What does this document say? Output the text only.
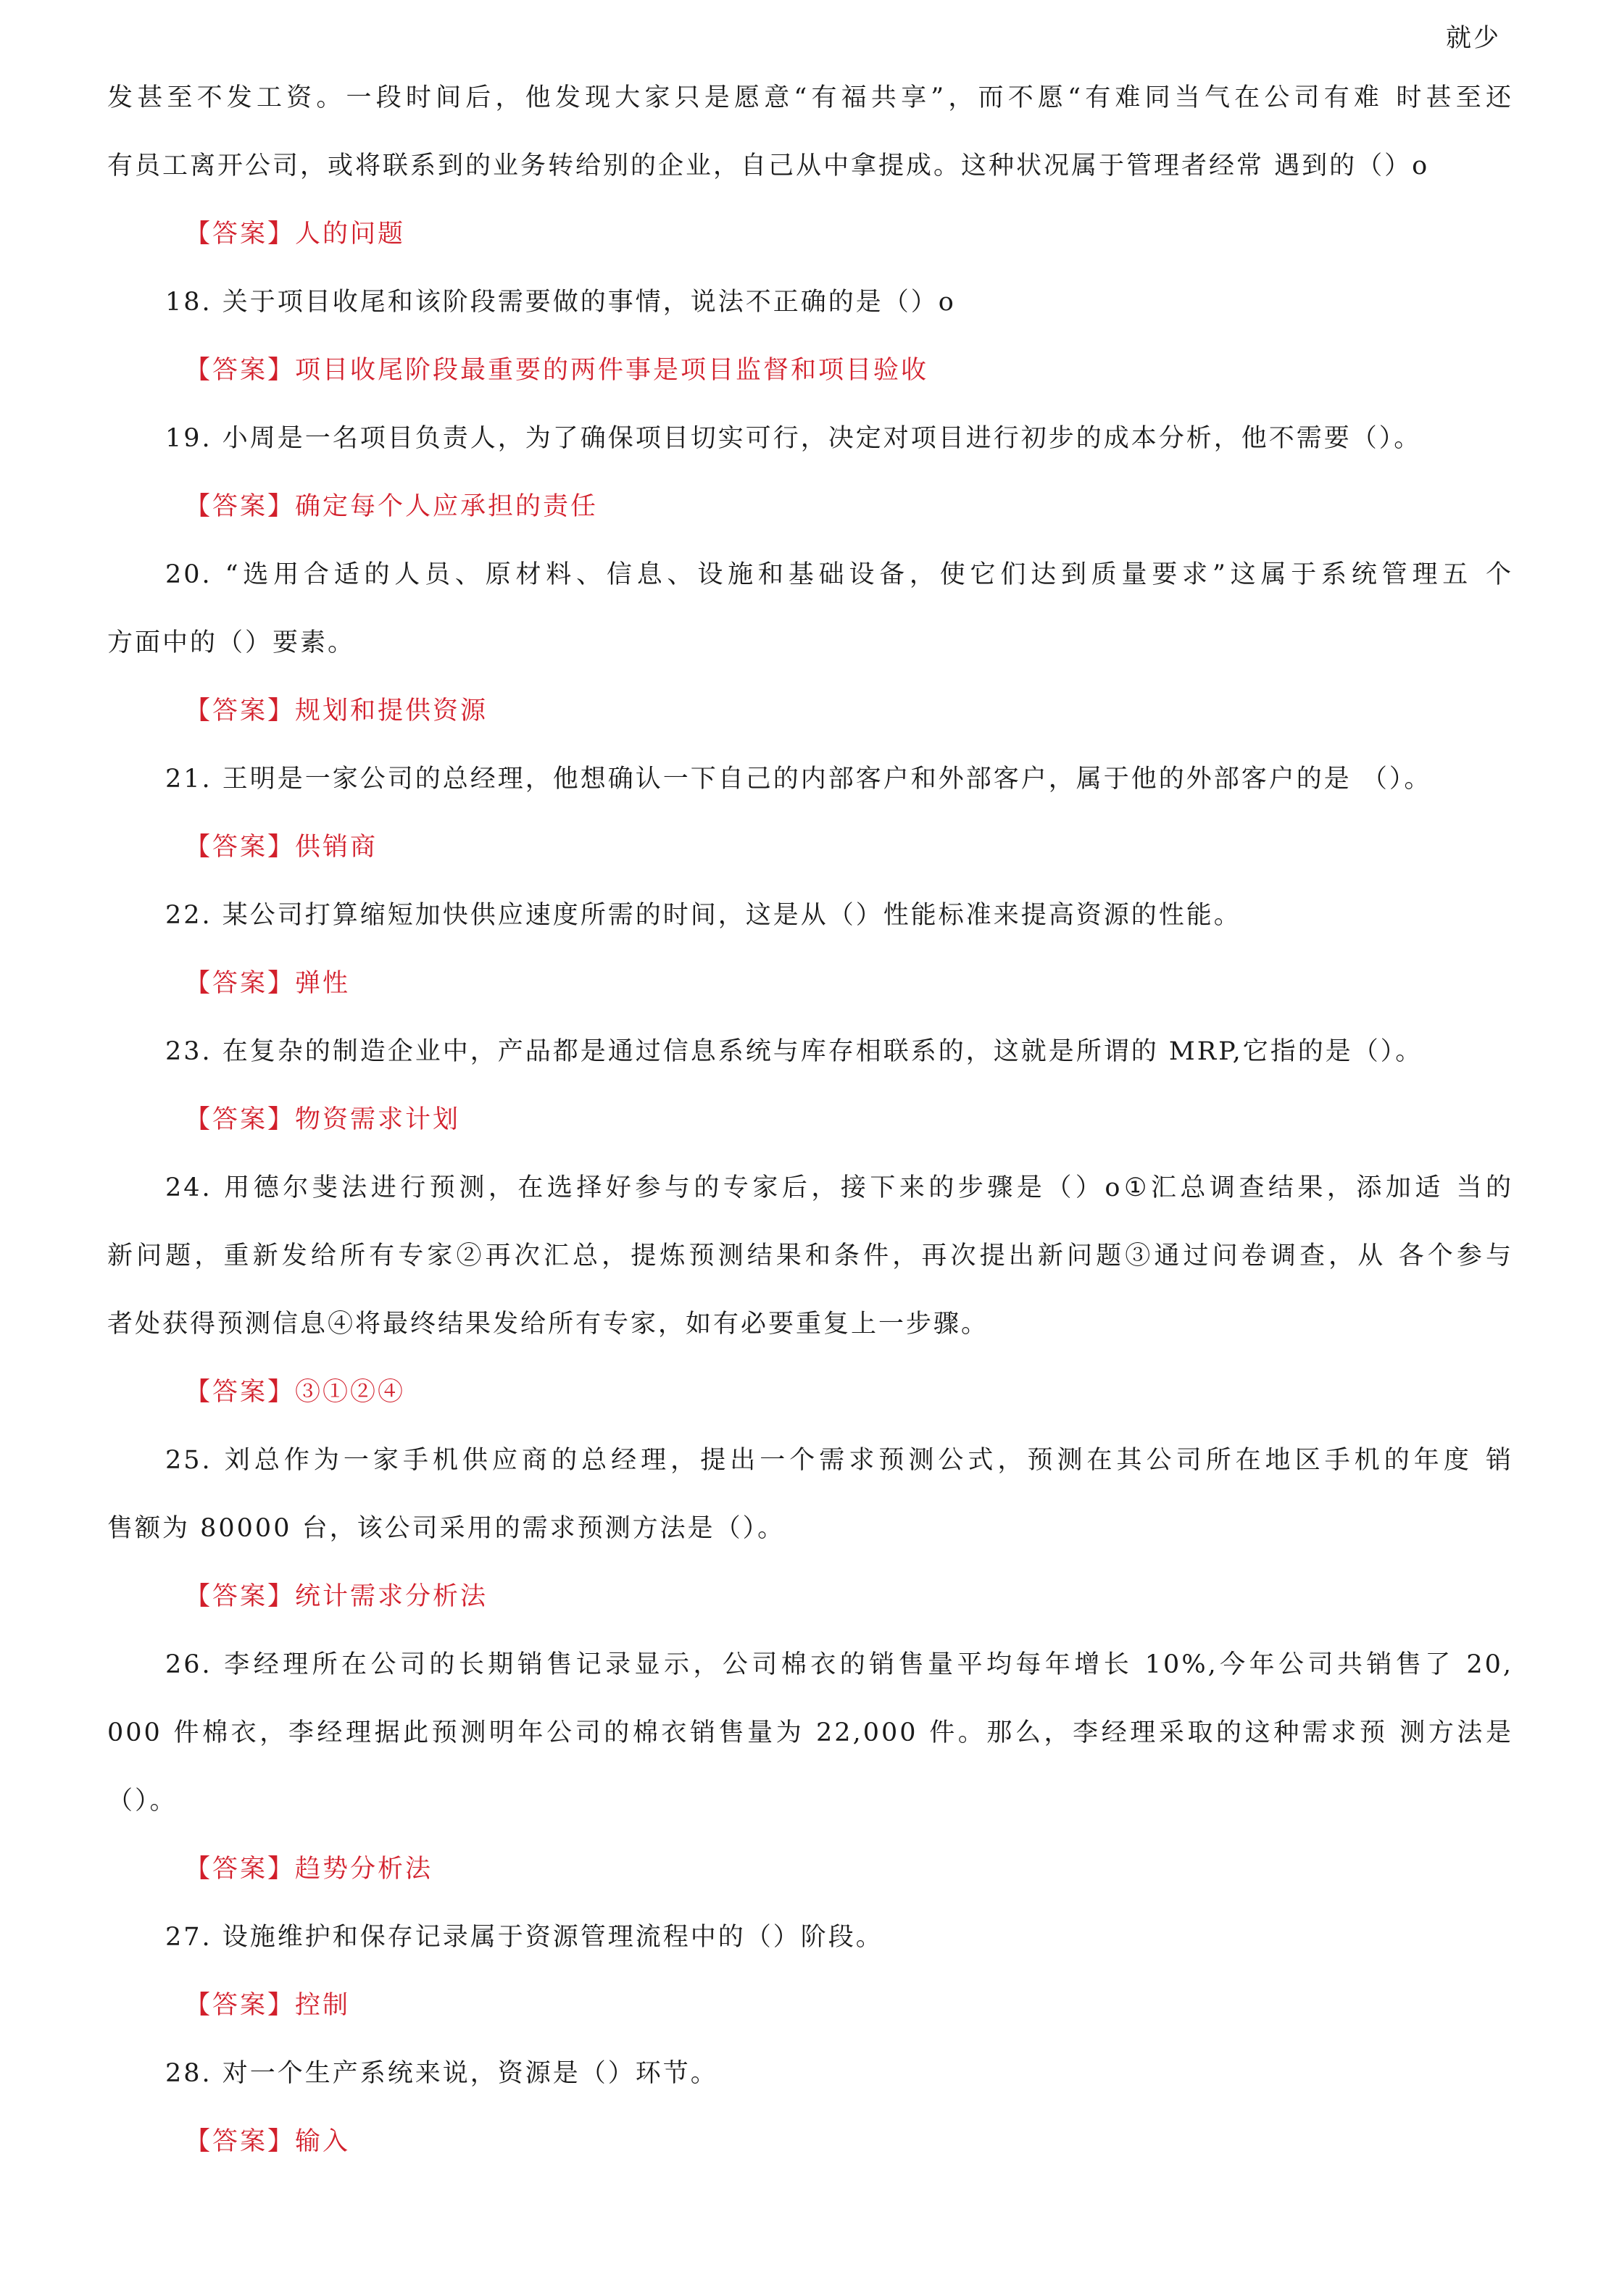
就少
发甚至不发工资。一段时间后，他发现大家只是愿意“有福共享”，而不愿“有难同当气在公司有难 时甚至还
有员工离开公司，或将联系到的业务转给别的企业，自己从中拿提成。这种状况属于管理者经常 遇到的（）o
【答案】人的问题
18. 关于项目收尾和该阶段需要做的事情，说法不正确的是（）o
【答案】项目收尾阶段最重要的两件事是项目监督和项目验收
19. 小周是一名项目负责人，为了确保项目切实可行，决定对项目进行初步的成本分析，他不需要（）。
【答案】确定每个人应承担的责任
20. “选用合适的人员、原材料、信息、设施和基础设备，使它们达到质量要求”这属于系统管理五 个
方面中的（）要素。
【答案】规划和提供资源
21. 王明是一家公司的总经理，他想确认一下自己的内部客户和外部客户，属于他的外部客户的是 （）。
【答案】供销商
22. 某公司打算缩短加快供应速度所需的时间，这是从（）性能标准来提高资源的性能。
【答案】弹性
23. 在复杂的制造企业中，产品都是通过信息系统与库存相联系的，这就是所谓的 MRP,它指的是（）。
【答案】物资需求计划
24. 用德尔斐法进行预测，在选择好参与的专家后，接下来的步骤是（）o①汇总调查结果，添加适 当的
新问题，重新发给所有专家②再次汇总，提炼预测结果和条件，再次提出新问题③通过问卷调查，从 各个参与
者处获得预测信息④将最终结果发给所有专家，如有必要重复上一步骤。
【答案】③①②④
25. 刘总作为一家手机供应商的总经理，提出一个需求预测公式，预测在其公司所在地区手机的年度 销
售额为 80000 台，该公司采用的需求预测方法是（）。
【答案】统计需求分析法
26. 李经理所在公司的长期销售记录显示，公司棉衣的销售量平均每年增长 10%,今年公司共销售了 20,
000 件棉衣，李经理据此预测明年公司的棉衣销售量为 22,000 件。那么，李经理采取的这种需求预 测方法是
（）。
【答案】趋势分析法
27. 设施维护和保存记录属于资源管理流程中的（）阶段。
【答案】控制
28. 对一个生产系统来说，资源是（）环节。
【答案】输入
